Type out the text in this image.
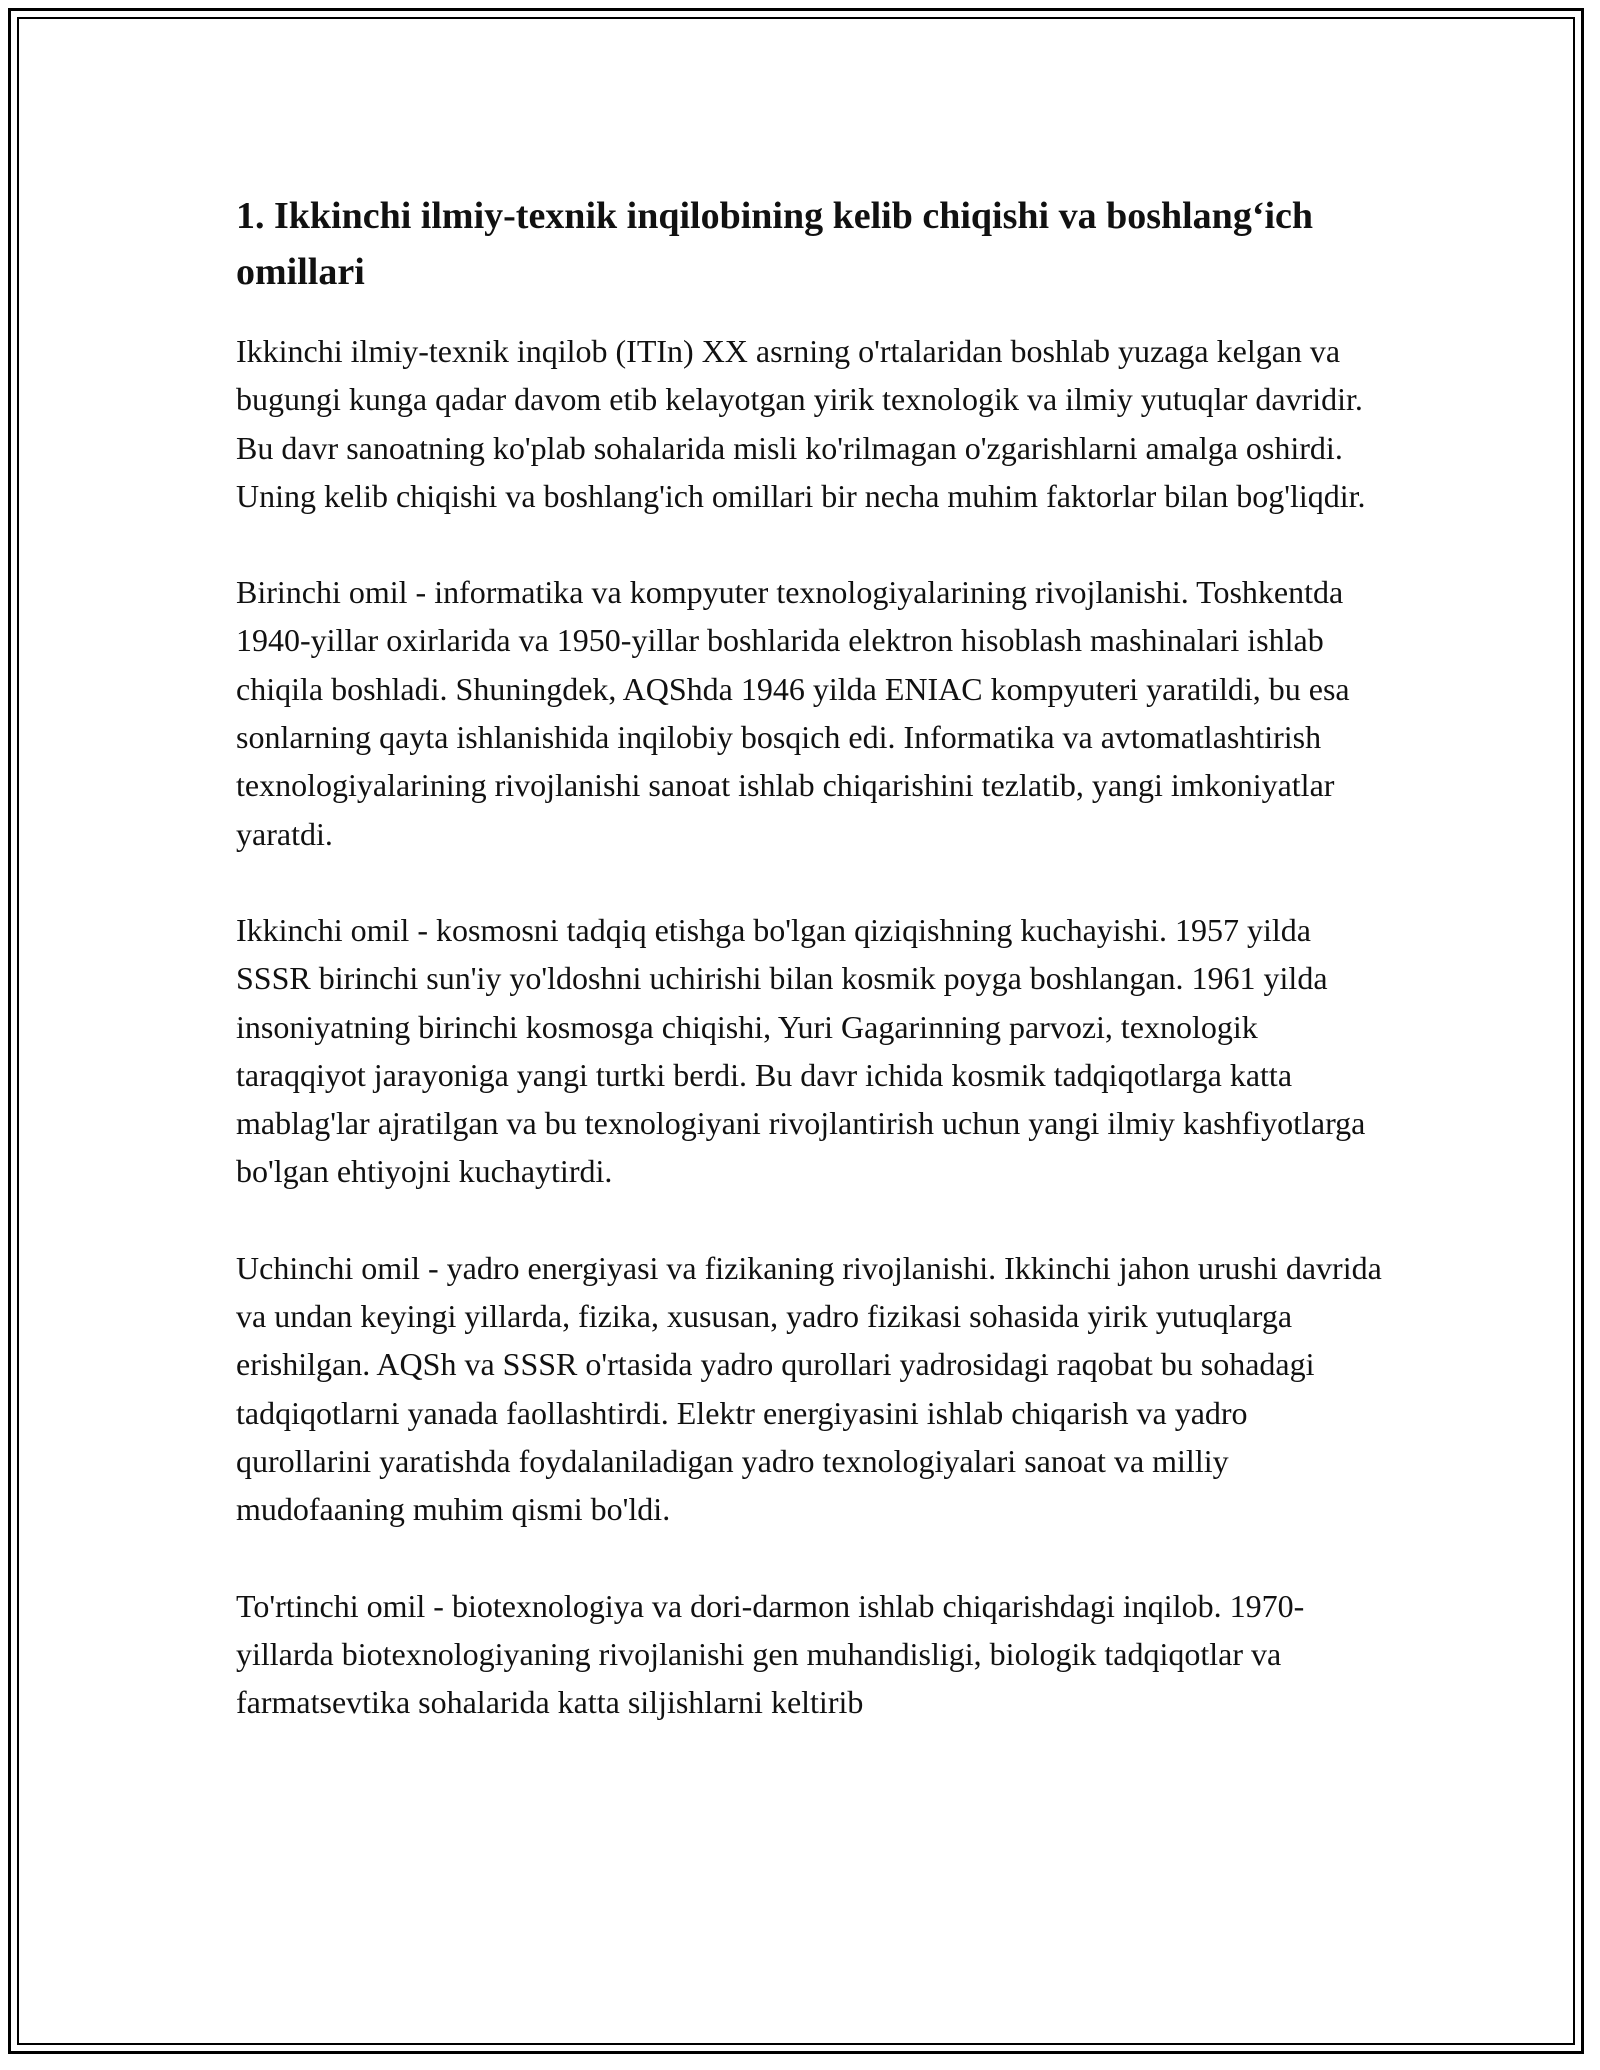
1. Ikkinchi ilmiy-texnik inqilobining kelib chiqishi va boshlang‘ich omillari

Ikkinchi ilmiy-texnik inqilob (ITIn) XX asrning o'rtalaridan boshlab yuzaga kelgan va bugungi kunga qadar davom etib kelayotgan yirik texnologik va ilmiy yutuqlar davridir. Bu davr sanoatning ko'plab sohalarida misli ko'rilmagan o'zgarishlarni amalga oshirdi. Uning kelib chiqishi va boshlang'ich omillari bir necha muhim faktorlar bilan bog'liqdir.

Birinchi omil - informatika va kompyuter texnologiyalarining rivojlanishi. Toshkentda 1940-yillar oxirlarida va 1950-yillar boshlarida elektron hisoblash mashinalari ishlab chiqila boshladi. Shuningdek, AQShda 1946 yilda ENIAC kompyuteri yaratildi, bu esa sonlarning qayta ishlanishida inqilobiy bosqich edi. Informatika va avtomatlashtirish texnologiyalarining rivojlanishi sanoat ishlab chiqarishini tezlatib, yangi imkoniyatlar yaratdi.

Ikkinchi omil - kosmosni tadqiq etishga bo'lgan qiziqishning kuchayishi. 1957 yilda SSSR birinchi sun'iy yo'ldoshni uchirishi bilan kosmik poyga boshlangan. 1961 yilda insoniyatning birinchi kosmosga chiqishi, Yuri Gagarinning parvozi, texnologik taraqqiyot jarayoniga yangi turtki berdi. Bu davr ichida kosmik tadqiqotlarga katta mablag'lar ajratilgan va bu texnologiyani rivojlantirish uchun yangi ilmiy kashfiyotlarga bo'lgan ehtiyojni kuchaytirdi.

Uchinchi omil - yadro energiyasi va fizikaning rivojlanishi. Ikkinchi jahon urushi davrida va undan keyingi yillarda, fizika, xususan, yadro fizikasi sohasida yirik yutuqlarga erishilgan. AQSh va SSSR o'rtasida yadro qurollari yadrosidagi raqobat bu sohadagi tadqiqotlarni yanada faollashtirdi. Elektr energiyasini ishlab chiqarish va yadro qurollarini yaratishda foydalaniladigan yadro texnologiyalari sanoat va milliy mudofaaning muhim qismi bo'ldi.

To'rtinchi omil - biotexnologiya va dori-darmon ishlab chiqarishdagi inqilob. 1970-yillarda biotexnologiyaning rivojlanishi gen muhandisligi, biologik tadqiqotlar va farmatsevtika sohalarida katta siljishlarni keltirib
